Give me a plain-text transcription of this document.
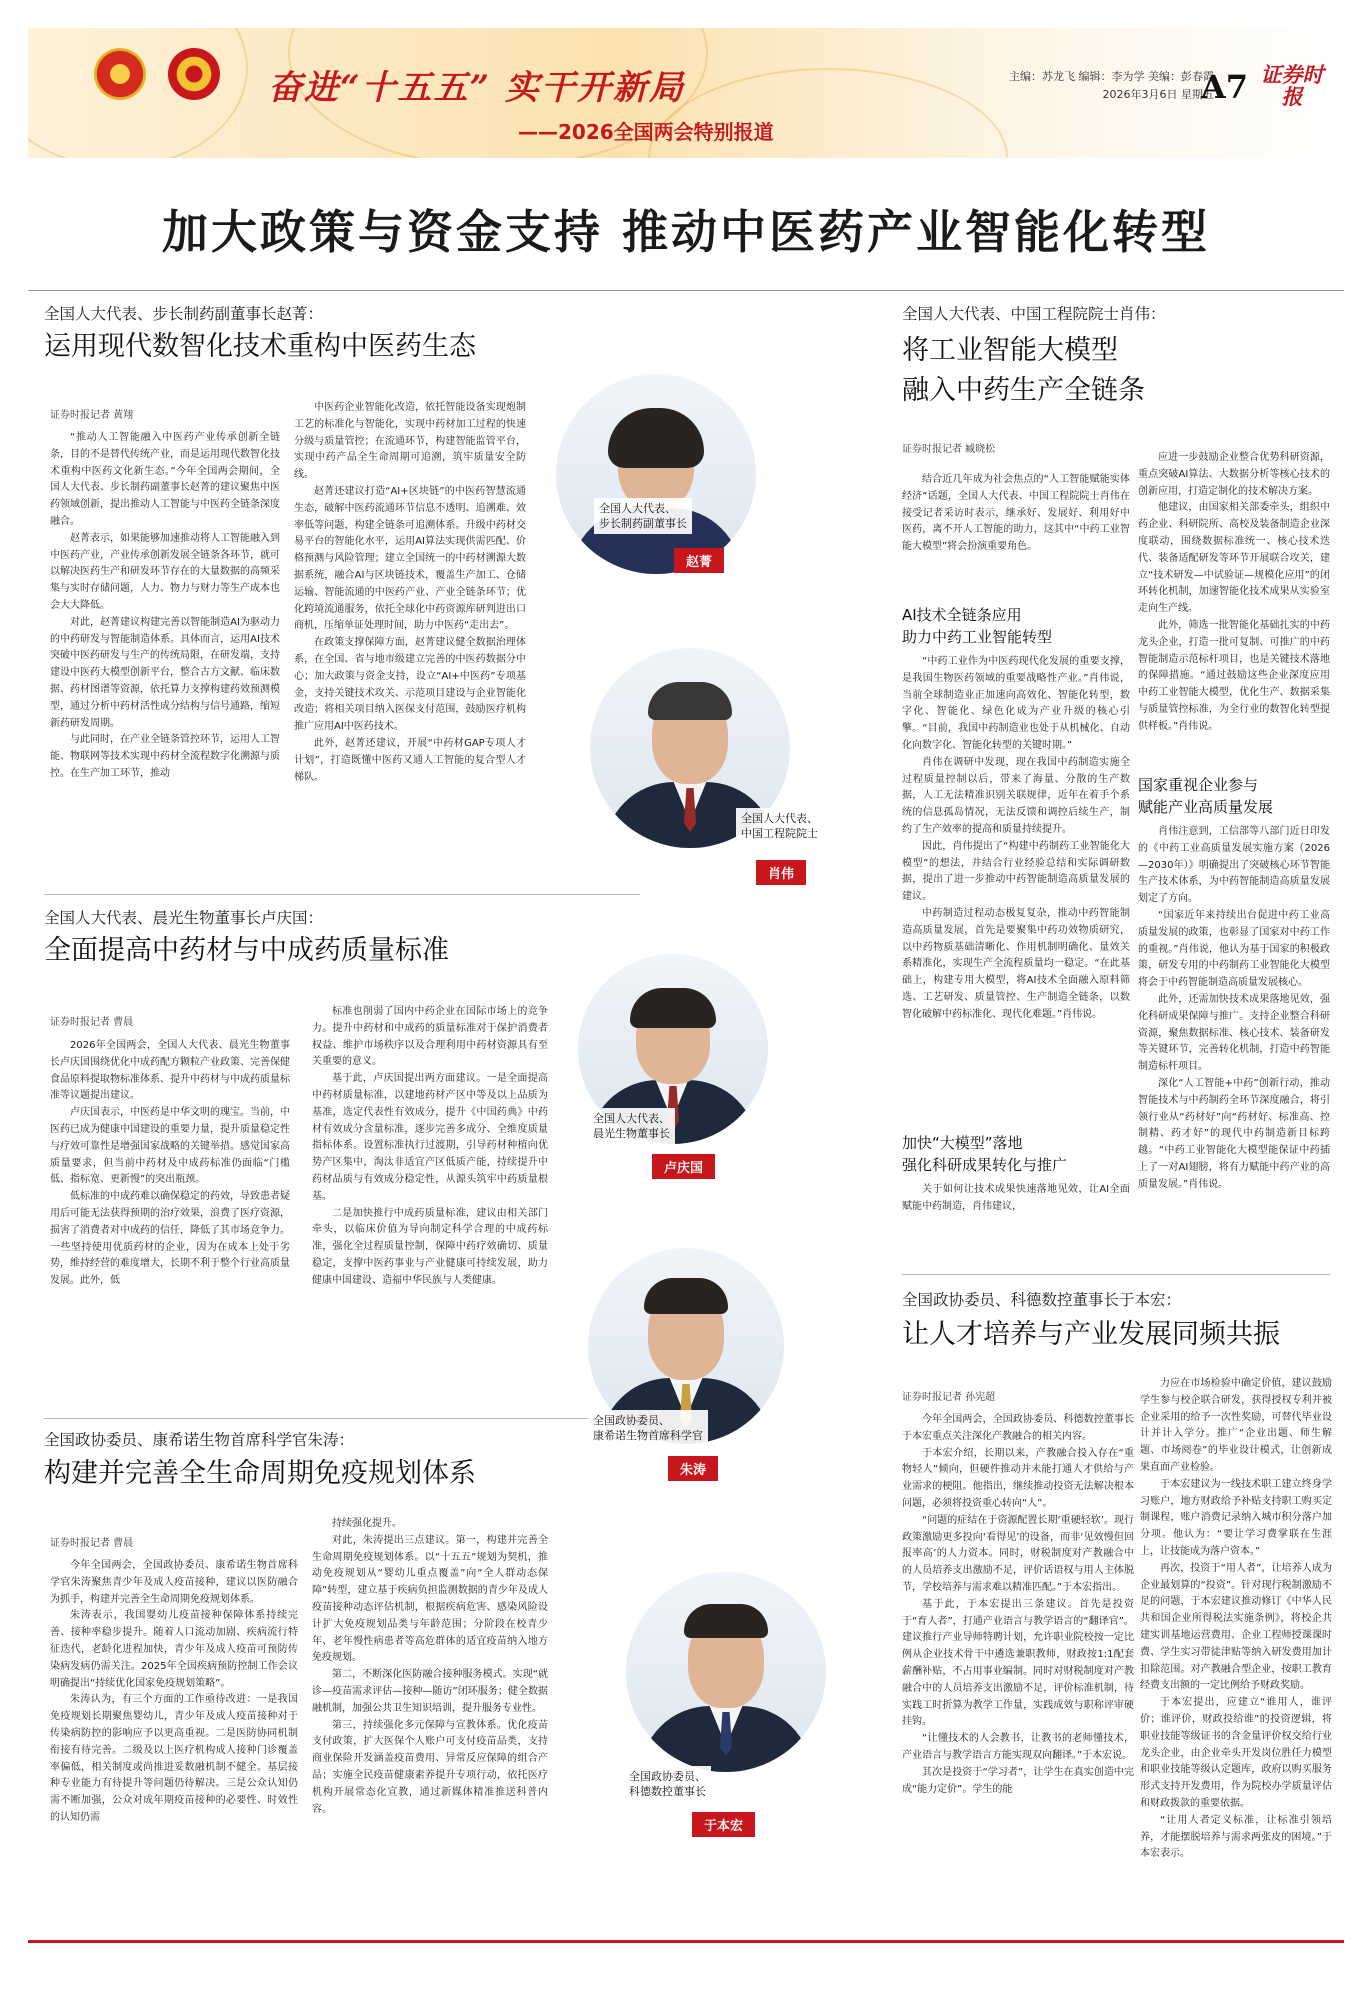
奋进“十五五” 实干开新局
——2026全国两会特别报道
主编：苏龙飞 编辑：李为学 美编：彭春霞
2026年3月6日 星期五
A7 证券时报
加大政策与资金支持 推动中医药产业智能化转型
全国人大代表、步长制药副董事长赵菁：
运用现代数智化技术重构中医药生态
证券时报记者 黄翔

“推动人工智能融入中医药产业传承创新全链条，目的不是替代传统产业，而是运用现代数智化技术重构中医药文化新生态。”今年全国两会期间，全国人大代表、步长制药副董事长赵菁的建议聚焦中医药领域创新，提出推动人工智能与中医药全链条深度融合。

赵菁表示，如果能够加速推动将人工智能融入到中医药产业，产业传承创新发展全链条各环节，就可以解决医药生产和研发环节存在的大量数据的高频采集与实时存储问题，人力、物力与财力等生产成本也会大大降低。

对此，赵菁建议构建完善以智能制造AI为驱动力的中药研发与智能制造体系。具体而言，运用AI技术突破中医药研发与生产的传统局限，在研发端，支持建设中医药大模型创新平台，整合古方文献、临床数据、药材图谱等资源，依托算力支撑构建药效预测模型，通过分析中药材活性成分结构与信号通路，缩短新药研发周期。

与此同时，在产业全链条管控环节，运用人工智能、物联网等技术实现中药材全流程数字化溯源与质控。在生产加工环节，推动

中医药企业智能化改造，依托智能设备实现炮制工艺的标准化与智能化，实现中药材加工过程的快速分级与质量管控；在流通环节，构建智能监管平台，实现中药产品全生命周期可追溯，筑牢质量安全防线。

赵菁还建议打造“AI+区块链”的中医药智慧流通生态，破解中医药流通环节信息不透明、追溯难、效率低等问题，构建全链条可追溯体系。升级中药材交易平台的智能化水平，运用AI算法实现供需匹配、价格预测与风险管理；建立全国统一的中药材溯源大数据系统，融合AI与区块链技术，覆盖生产加工、仓储运输、智能流通的中医药产业、产业全链条环节；优化跨境流通服务，依托全球化中药资源库研判进出口商机，压缩单证处理时间，助力中医药“走出去”。

在政策支撑保障方面，赵菁建议健全数据治理体系，在全国、省与地市级建立完善的中医药数据分中心；加大政策与资金支持，设立“AI+中医药”专项基金，支持关键技术攻关、示范项目建设与企业智能化改造；将相关项目纳入医保支付范围，鼓励医疗机构推广应用AI中医药技术。

此外，赵菁还建议，开展“中药材GAP专项人才计划”，打造既懂中医药又通人工智能的复合型人才梯队。

全国人大代表、
步长制药副董事长
赵菁
全国人大代表、晨光生物董事长卢庆国：
全面提高中药材与中成药质量标准
证券时报记者 曹晨

2026年全国两会，全国人大代表、晨光生物董事长卢庆国围绕优化中成药配方颗粒产业政策、完善保健食品原料提取物标准体系、提升中药材与中成药质量标准等议题提出建议。

卢庆国表示，中医药是中华文明的瑰宝。当前，中医药已成为健康中国建设的重要力量，提升质量稳定性与疗效可靠性是增强国家战略的关键举措。感觉国家高质量要求，但当前中药材及中成药标准仍面临“门槛低、指标宽、更新慢”的突出瓶颈。

低标准的中成药难以确保稳定的药效，导致患者疑用后可能无法获得预期的治疗效果，浪费了医疗资源，损害了消费者对中成药的信任，降低了其市场竞争力。一些坚持使用优质药材的企业，因为在成本上处于劣势，维持经营的难度增大，长期不利于整个行业高质量发展。此外，低

标准也削弱了国内中药企业在国际市场上的竞争力。提升中药材和中成药的质量标准对于保护消费者权益、维护市场秩序以及合理利用中药材资源具有至关重要的意义。

基于此，卢庆国提出两方面建议。一是全面提高中药材质量标准，以建地药材产区中等及以上品质为基准，选定代表性有效成分，提升《中国药典》中药材有效成分含量标准，逐步完善多成分、全维度质量指标体系。设置标准执行过渡期，引导药材种植向优势产区集中，淘汰非适宜产区低质产能，持续提升中药材品质与有效成分稳定性，从源头筑牢中药质量根基。

二是加快推行中成药质量标准，建议由相关部门牵头，以临床价值为导向制定科学合理的中成药标准，强化全过程质量控制，保障中药疗效确切、质量稳定，支撑中医药事业与产业健康可持续发展，助力健康中国建设、造福中华民族与人类健康。

全国人大代表、
晨光生物董事长
卢庆国
全国政协委员、康希诺生物首席科学官朱涛：
构建并完善全生命周期免疫规划体系
证券时报记者 曹晨

今年全国两会，全国政协委员、康希诺生物首席科学官朱涛聚焦青少年及成人疫苗接种，建议以医防融合为抓手，构建并完善全生命周期免疫规划体系。

朱涛表示，我国婴幼儿疫苗接种保障体系持续完善、接种率稳步提升。随着人口流动加剧、疾病流行特征迭代，老龄化进程加快，青少年及成人疫苗可预防传染病发病仍需关注。2025年全国疾病预防控制工作会议明确提出“持续优化国家免疫规划策略”。

朱涛认为，有三个方面的工作亟待改进：一是我国免疫规划长期聚焦婴幼儿，青少年及成人疫苗接种对于传染病防控的影响应予以更高重视。二是医防协同机制衔接有待完善。二级及以上医疗机构成人接种门诊覆盖率偏低，相关制度或尚推进妥数融机制不健全。基层接种专业能力有待提升等问题仍待解决。三是公众认知仍需不断加强，公众对成年期疫苗接种的必要性、时效性的认知仍需

持续强化提升。

对此，朱涛提出三点建议。第一，构建并完善全生命周期免疫规划体系。以“十五五”规划为契机，推动免疫规划从“婴幼儿重点覆盖”向“全人群动态保障”转型，建立基于疾病负担监测数据的青少年及成人疫苗接种动态评估机制，根据疾病危害、感染风险设计扩大免疫规划品类与年龄范围；分阶段在校青少年、老年慢性病患者等高危群体的适宜疫苗纳入地方免疫规划。

第二，不断深化医防融合接种服务模式。实现“就诊—疫苗需求评估—接种—随访”闭环服务；健全数据融机制，加强公共卫生知识培训，提升服务专业性。

第三，持续强化多元保障与宣教体系。优化疫苗支付政策，扩大医保个人账户可支付疫苗品类，支持商业保险开发涵盖疫苗费用、异常反应保障的组合产品；实施全民疫苗健康素养提升专项行动，依托医疗机构开展常态化宣教，通过新媒体精准推送科普内容。

全国政协委员、
康希诺生物首席科学官
朱涛
全国人大代表、中国工程院院士肖伟：
将工业智能大模型
融入中药生产全链条
证券时报记者 臧晓松

结合近几年成为社会焦点的“人工智能赋能实体经济”话题，全国人大代表、中国工程院院士肖伟在接受记者采访时表示，继承好、发展好、利用好中医药，离不开人工智能的助力，这其中“中药工业智能大模型”将会扮演重要角色。

AI技术全链条应用
助力中药工业智能转型

“中药工业作为中医药现代化发展的重要支撑，是我国生物医药领域的重要战略性产业。”肖伟说，当前全球制造业正加速向高效化、智能化转型，数字化、智能化、绿色化成为产业升级的核心引擎。“目前，我国中药制造业也处于从机械化、自动化向数字化、智能化转型的关键时期。”

肖伟在调研中发现，现在我国中药制造实施全过程质量控制以后，带来了海量、分散的生产数据，人工无法精准识别关联规律，近年在着手个系统的信息孤岛情况，无法反馈和调控后续生产，制约了生产效率的提高和质量持续提升。

因此，肖伟提出了“构建中药制药工业智能化大模型”的想法，并结合行业经验总结和实际调研数据，提出了进一步推动中药智能制造高质量发展的建议。

中药制造过程动态极复复杂，推动中药智能制造高质量发展，首先是要聚集中药功效物质研究，以中药物质基础清晰化、作用机制明确化、量效关系精准化，实现生产全流程质量均一稳定。“在此基础上，构建专用大模型，将AI技术全面融入原料筛选、工艺研发、质量管控、生产制造全链条，以数智化破解中药标准化、现代化难题。”肖伟说。

加快“大模型”落地
强化科研成果转化与推广

关于如何让技术成果快速落地见效，让AI全面赋能中药制造，肖伟建议，

应进一步鼓励企业整合优势科研资源，重点突破AI算法、大数据分析等核心技术的创新应用，打造定制化的技术解决方案。

他建议，由国家相关部委牵头，组织中药企业、科研院所、高校及装备制造企业深度联动，围绕数据标准统一、核心技术迭代、装备适配研发等环节开展联合攻关，建立“技术研发—中试验证—规模化应用”的闭环转化机制，加速智能化技术成果从实验室走向生产线。

此外，筛选一批智能化基础扎实的中药龙头企业，打造一批可复制、可推广的中药智能制造示范标杆项目，也是关键技术落地的保障措施。“通过鼓励这些企业深度应用中药工业智能大模型，优化生产、数据采集与质量管控标准，为全行业的数智化转型提供样板。”肖伟说。

国家重视企业参与
赋能产业高质量发展

肖伟注意到，工信部等八部门近日印发的《中药工业高质量发展实施方案（2026—2030年）》明确提出了突破核心环节智能生产技术体系，为中药智能制造高质量发展划定了方向。

“国家近年来持续出台促进中药工业高质量发展的政策，也彰显了国家对中药工作的重视。”肖伟说，他认为基于国家的积极政策，研发专用的中药制药工业智能化大模型将会于中药智能制造高质量发展核心。

此外，还需加快技术成果落地见效，强化科研成果保障与推广。支持企业整合科研资源，聚焦数据标准、核心技术、装备研发等关键环节，完善转化机制，打造中药智能制造标杆项目。

深化“人工智能+中药”创新行动，推动智能技术与中药制药全环节深度融合，将引领行业从“药材好”向“药材好、标准高、控制精、药才好”的现代中药制造新目标跨越。“中药工业智能化大模型能保证中药插上了一对AI翅膀，将有力赋能中药产业的高质量发展。”肖伟说。

全国人大代表、
中国工程院院士
肖伟
全国政协委员、科德数控董事长于本宏：
让人才培养与产业发展同频共振
证券时报记者 孙宪超

今年全国两会，全国政协委员、科德数控董事长于本宏重点关注深化产教融合的相关内容。

于本宏介绍，长期以来，产教融合投入存在“重物轻人”倾向，但硬件推动并未能打通人才供给与产业需求的梗阻。他指出，继续推动投资无法解决根本问题，必须将投资重心转向“人”。

“问题的症结在于资源配置长期‘重硬轻软’。现行政策激励更多投向‘看得见’的设备，而非‘见效慢但回报率高’的人力资本。同时，财税制度对产教融合中的人员培养支出激励不足，评价话语权与用人主体脱节，学校培养与需求难以精准匹配。”于本宏指出。

基于此，于本宏提出三条建议。首先是投资于“育人者”，打通产业语言与教学语言的“翻译官”。建议推行产业导师特聘计划，允许职业院校按一定比例从企业技术骨干中遴选兼职教师，财政按1:1配套薪酬补贴，不占用事业编制。同时对财税制度对产教融合中的人员培养支出激励不足，评价标准机制，待实践工时折算为教学工作量，实践成效与职称评审硬挂钩。

“让懂技术的人会教书，让教书的老师懂技术，产业语言与教学语言方能实现双向翻译。”于本宏说。

其次是投资于“学习者”，让学生在真实创造中完成“能力定价”。学生的能

力应在市场检验中确定价值，建议鼓励学生参与校企联合研发，获得授权专利并被企业采用的给予一次性奖励，可替代毕业设计并计入学分。推广“企业出题、师生解题、市场阅卷”的毕业设计模式，让创新成果直面产业检验。

于本宏建议为一线技术职工建立终身学习账户，地方财政给予补贴支持职工购买定制课程，账户消费记录纳入城市积分落户加分项。他认为：“要让学习费掌联在生涯上，让技能成为落户资本。”

再次，投资于“用人者”，让培养人成为企业最划算的“投资”。针对现行税制激励不足的问题，于本宏建议推动修订《中华人民共和国企业所得税法实施条例》，将校企共建实训基地运营费用、企业工程师授课课时费、学生实习带徒津贴等纳入研发费用加计扣除范围。对产教融合型企业，按职工教育经费支出额的一定比例给予财政奖励。

于本宏提出，应建立“谁用人，谁评价；谁评价，财政投给谁”的投资逻辑，将职业技能等级证书的含金量评价权交给行业龙头企业，由企业牵头开发岗位胜任力模型和职业技能等级认定题库，政府以购买服务形式支持开发费用，作为院校办学质量评估和财政拨款的重要依据。

“让用人者定义标准，让标准引领培养，才能摆脱培养与需求两张皮的困境。”于本宏表示。

全国政协委员、
科德数控董事长
于本宏
